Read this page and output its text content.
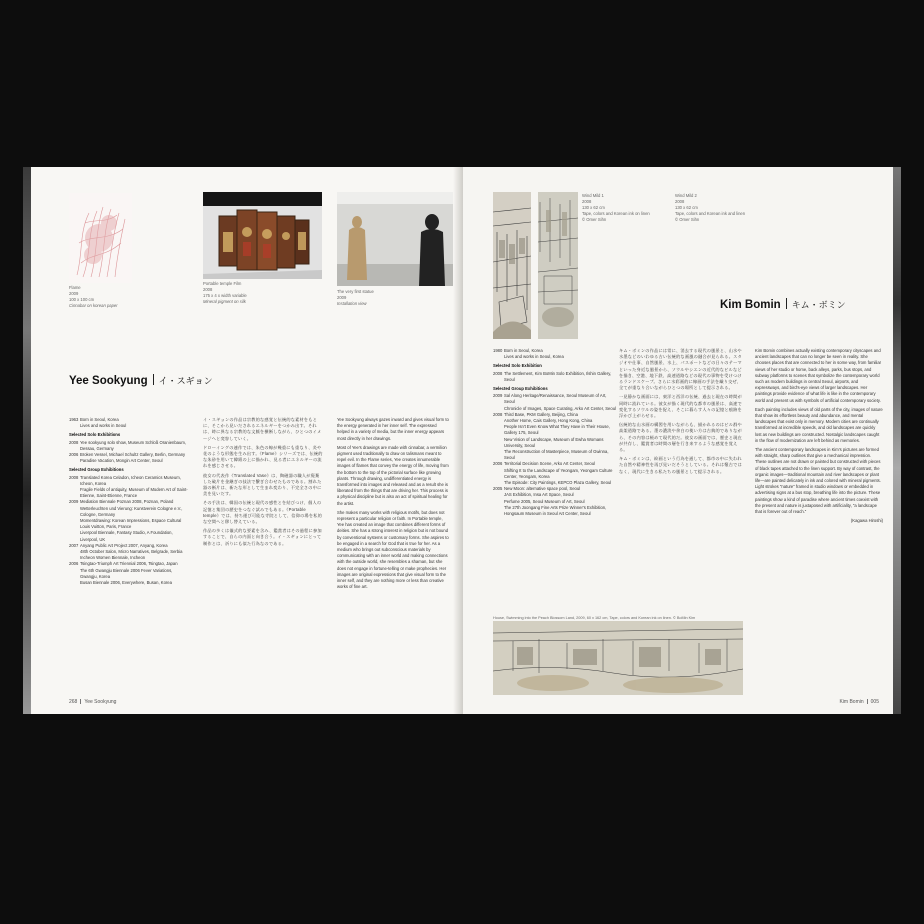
Flame
2009
100 x 100 cm
Cinnabar on korean paper
Portable temple Film
2008
175 x 4 x width variable
Mineral pigment on silk
The very first statue
2009
Installation view
Yee Sookyung イ・スギョン
1963 Born in Seoul, Korea
Lives and works in Seoul
Selected Solo Exhibitions
2008 Yee sookyung solo show, Museum Schloß Oranienbaum, Dessau, Germany
2006 Broken Vessel, Michael Schultz Gallery, Berlin, Germany
Paradise Vacation, Mongin Art Center, Seoul
Selected Group Exhibitions
2008 Translated Korea Celadon, Icheon Ceramics Museum, Icheon, Korea
Fragile Fields of antiquity, Museum of Modern Art of Saint-Etienne, Saint-Etienne, France
2009 Mediation Biennale Poznan 2008, Poznan, Poland
Wetterleuchten und Vierung: Kunstverein Cologne e.V., Cologne, Germany
Momentdrawing: Korean Impressions, Espace Cultural Louis Vuitton, Paris, France
Liverpool Biennale, Fantasy Studio, A Foundation, Liverpool, UK
2007 Anyang Public Art Project 2007, Anyang, Korea
48th October Salon, Micro Narratives, Belgrade, Serbia
Incheon Women Biennale, Incheon
2006 Tsingtao-Triumph Art Triennial 2006, Tsingtao, Japan
The 6th Gwangju Biennale 2006 Fever Variations, Gwangju, Korea
Busan Biennale 2006, Everywhere, Busan, Korea

イ・スギョンの作品は宗教的な感覚と伝統的な素材をもとに、そこから見いだされるエネルギーをつかみ出す。それは、時に異なる宗教的な文脈を横断しながら、ひとつのイメージへと変容していく。

ドローイングの連作では、朱色の線が幾重にも重なり、炎や花のような形態を生み出す。《Flame》シリーズでは、伝統的な朱砂を用いて韓紙の上に描かれ、見る者にエネルギーの流れを感じさせる。

彼女の代表作《Translated Vase》は、陶磁器の職人が廃棄した破片を金継ぎの技法で繋ぎ合わせたものである。割れた器の断片は、新たな形として生まれ変わり、不完全さの中に美を見いだす。

その手法は、韓国の伝統と現代の感性とを結びつけ、個人の記憶と集団の歴史をつなぐ試みでもある。《Portable temple》では、持ち運び可能な寺院として、信仰の場を私的な空間へと移し替えている。

作品の多くは儀式的な要素を含み、鑑賞者はその過程に参加することで、自らの内面と向き合う。イ・スギョンにとって制作とは、祈りにも似た行為なのである。

Yee Sookyung always gazes inward and gives visual form to the energy generated in her inner self. The expressed helped in a variety of media, but the inner energy appears most directly in her drawings.

Most of Yee's drawings are made with cinnabar, a vermilion pigment used traditionally to draw on talismans meant to repel evil. In the Flame series, Yee creates innumerable images of flames that convey the energy of life, moving from the bottom to the top of the pictorial surface like growing plants. Through drawing, undifferentiated energy is transformed into images and released and as a result she is liberated from the things that are driving her. This process is a physical discipline but is also an act of spiritual healing for the artist.

She makes many works with religious motifs, but does not represent a particular religion or faith. In Portable temple, Yee has created an image that combines different forms of deities. She has a strong interest in religion but is not bound by conventional systems or customary forms. She aspires to be engaged in a search for God that is true for her. As a medium who brings out subconscious materials by communicating with an inner world and making connections with the outside world, she resembles a shaman, but she does not engage in fortune-telling or make prophecies. Her images are original expressions that give visual form to the inner self, and they are nothing more or less than creative works of fine art.

268 Yee Sookyung
Wind Mild 1
2008
130 x 62 cm
Tape, colors and Korean ink on linen
© Omer Sihn
Wind Mild 2
2008
130 x 62 cm
Tape, colors and Korean ink and linen
© Omer Sihn
Kim Bomin キム・ボミン
1980 Born in Seoul, Korea
Lives and works in Seoul, Korea
Selected Solo Exhibition
2008 The Settlement, Kim BoMin Solo Exhibition, Ilshin Gallery, Seoul
Selected Group Exhibitions
2009 Sal Along Heritage/Renaissance, Seoul Museum of Art, Seoul
Chronicle of Images, Space Curating, Arko Art Center, Seoul
2008 Third Base, PKM Gallery, Beijing, China
Another Home, Cais Gallery, Hong Kong, China
People Isn't Even Know What They Have in Their House, Gallery 175, Seoul
New Vision of Landscape, Museum of Ewha Womans University, Seoul
The Reconstruction of Masterpiece, Museum of Gwinna, Seoul
2006 Territorial Decision Scene, Arko Art Center, Seoul
Shifting It to the Landscape of Yeongam, Yeongam Culture Center, Yeongam, Korea
The Episode: City Paintings, KEPCO Plaza Gallery, Seoul
2005 New Moon: alternative space pool, Seoul
JAS Exhibition, Insa Art Space, Seoul
Perfume 2005, Seoul Museum of Art, Seoul
The 27th Joongang Fine Arts Prize Winner's Exhibition, Hongsaum Museum in Seoul Art Center, Seoul

キム・ボミンの作品には常に、消去する現代の風景と、山水や水墨などのいわゆる古い伝統的な画風の融合が見られる。スタジオや仕事、自然風景、水上、パスポートなどの日々のテーマといった身近な風景から、ソウルやシエンの近代的なビルなどを描き、空港、地下鉄、高速道路などの現代の事物を受けつけるランドスケープ。さらに水彩画的に線画の手法を織り交ぜ、全てが重なり合いながらひとつの場所として提示される。

一見静かな画面には、東洋と西洋の伝統、過去と現在の時間が同時に流れている。彼女が描く現代的な都市の風景は、高速で変化するソウルの姿を捉え、そこに暮らす人々の記憶と痕跡を浮かび上がらせる。

伝統的な山水画の構図を用いながらも、描かれるのはビル群や高架道路である。墨の濃淡や余白の使い方は古典的でありながら、その内容は極めて現代的だ。彼女の画面では、歴史と現在が共存し、鑑賞者は時間の層を行き来するような感覚を覚える。

キム・ボミンは、絵画という行為を通して、都市の中に失われた自然や精神性を再び見いだそうとしている。それは懐古ではなく、現代に生きる私たちの風景として提示される。

House, Swimming into the Peach Blossom Land, 2009, 60 x 162 cm, Tape, colors and Korean ink on linen. © BoMin Kim

Kim Bomin combines actually existing contemporary cityscapes and ancient landscapes that can no longer be seen in reality. She chooses places that are connected to her in some way, from familiar views of her studio or home, back alleys, parks, bus stops, and subway platforms to scenes that symbolize the contemporary world such as modern buildings in central Seoul, airports, and expressways, and bird's-eye views of larger landscapes. Her paintings provide evidence of what life is like in the contemporary world and present us with symbols of artificial contemporary society.

Each painting includes views of old parts of the city, images of nature that show its effortless beauty and abundance, and mental landscapes that exist only in memory. Modern cities are continually transformed at incredible speeds, and old landscapes are quickly lost as new buildings are constructed. Nostalgic landscapes caught in the flow of modernization are left behind as memories.

The ancient contemporary landscapes in Kim's pictures are formed with straight, sharp outlines that give a mechanical impression. These outlines are not drawn or painted but constructed with pieces of black tapes attached to the linen support. By way of contrast, the organic images—traditional mountain and river landscapes or plant life—are painted delicately in ink and colored with mineral pigments. Light strokes "nature" framed in studio windows or embedded in advertising signs at a bus stop, breathing life into the picture. These paintings show a kind of paradise where ancient times coexist with the present and nature is juxtaposed with artificiality, "a landscape that is forever out of reach."

(Kagawa Hiroshi)
Kim Bomin 005
